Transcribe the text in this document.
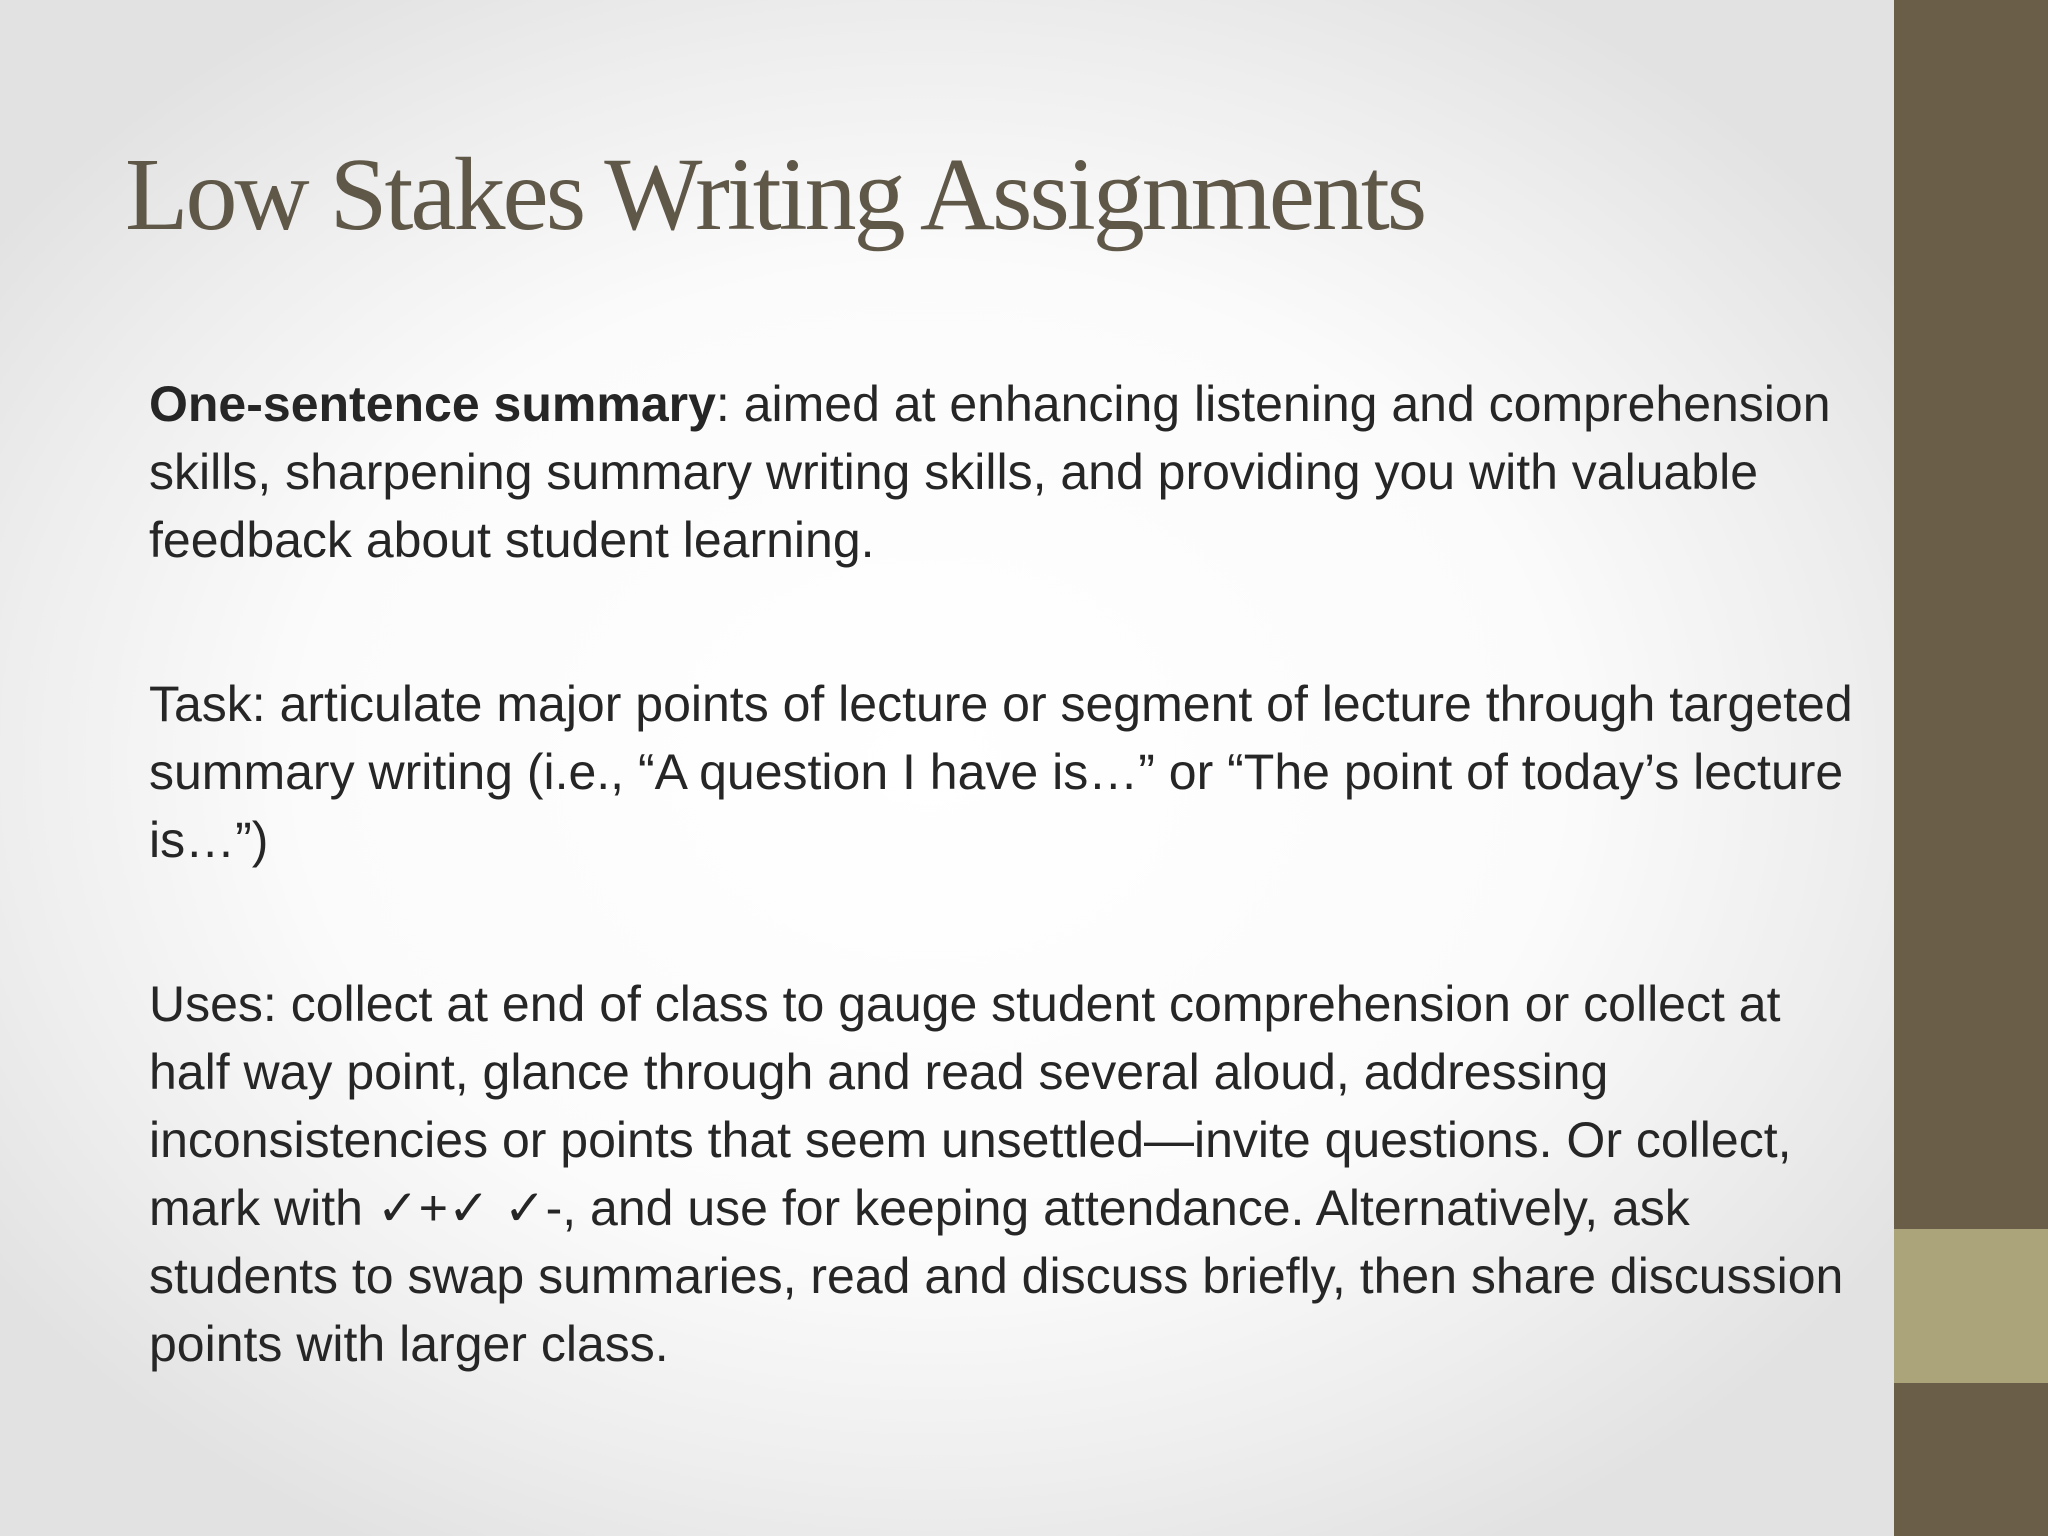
Low Stakes Writing Assignments

One-sentence summary: aimed at enhancing listening and comprehension skills, sharpening summary writing skills, and providing you with valuable feedback about student learning.

Task: articulate major points of lecture or segment of lecture through targeted summary writing (i.e., “A question I have is…” or “The point of today’s lecture is…”)

Uses: collect at end of class to gauge student comprehension or collect at half way point, glance through and read several aloud, addressing inconsistencies or points that seem unsettled—invite questions. Or collect, mark with ✓+✓ ✓-, and use for keeping attendance. Alternatively, ask students to swap summaries, read and discuss briefly, then share discussion points with larger class.
